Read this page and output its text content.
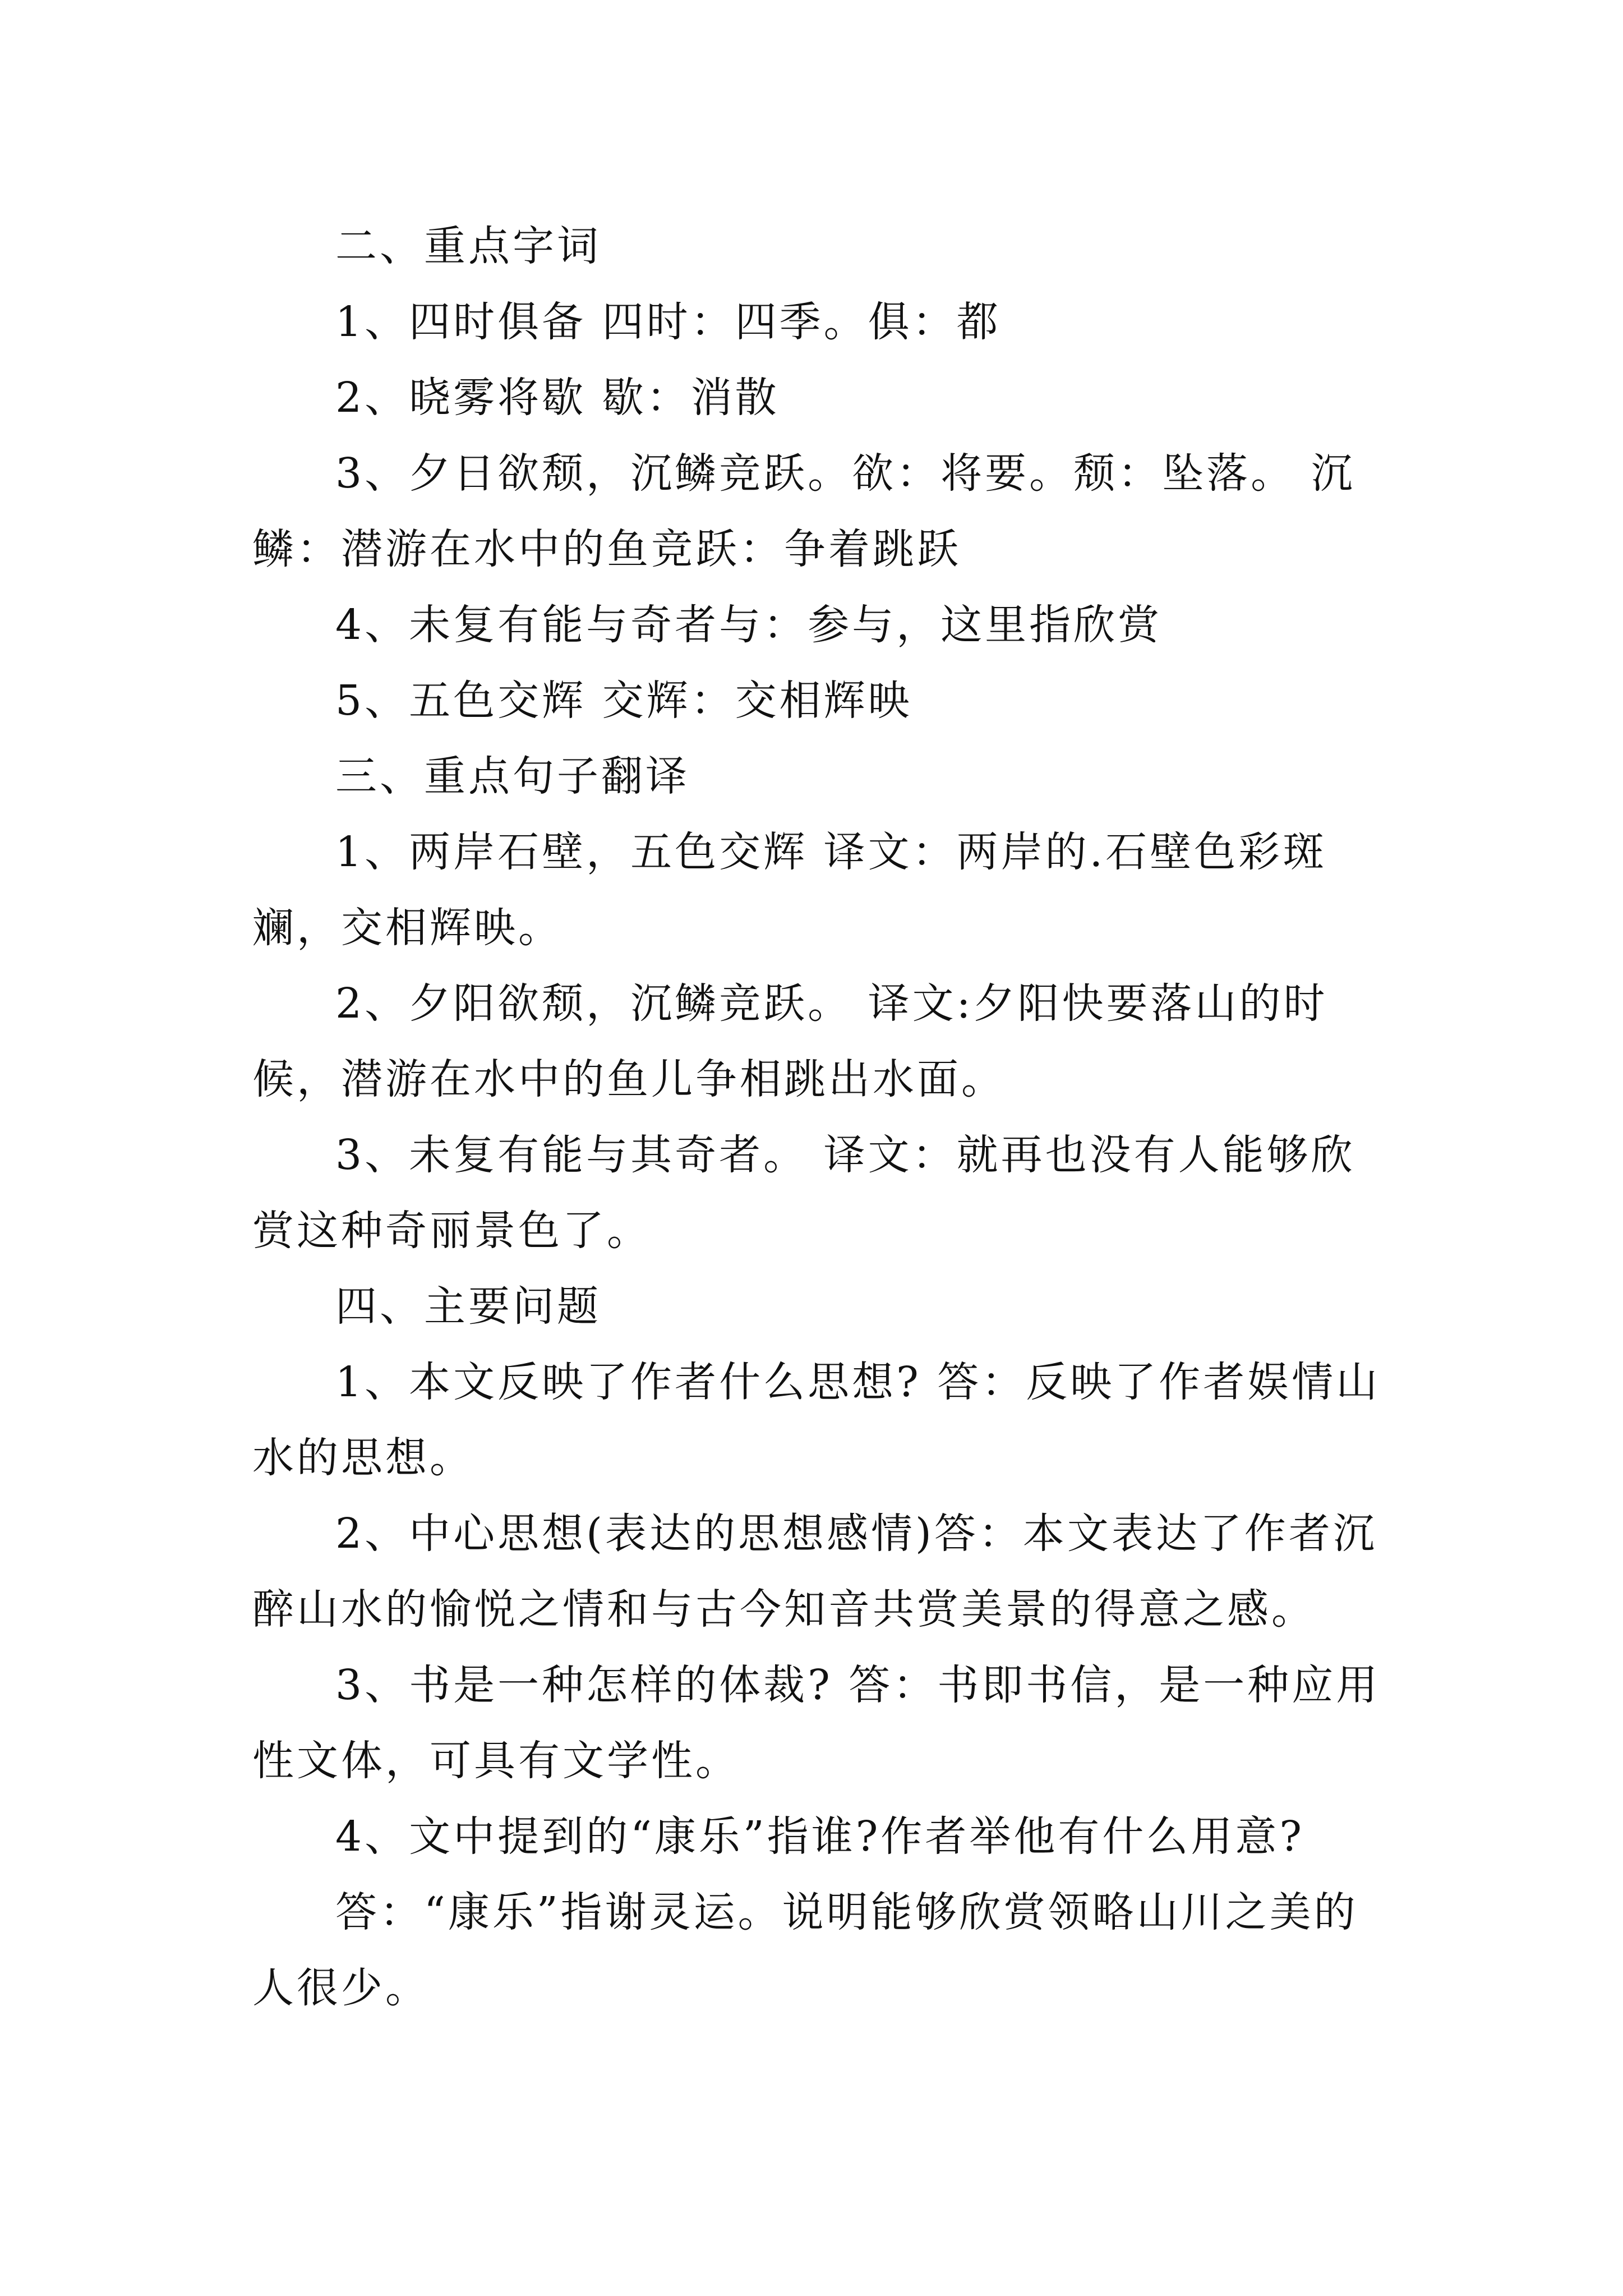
二、重点字词

1、四时俱备 四时：四季。俱：都

2、晓雾将歇 歇：消散

3、夕日欲颓，沉鳞竞跃。欲：将要。颓：坠落。 沉鳞：潜游在水中的鱼竞跃：争着跳跃

4、未复有能与奇者与：参与，这里指欣赏

5、五色交辉 交辉：交相辉映

三、重点句子翻译

1、两岸石壁，五色交辉 译文：两岸的.石壁色彩斑斓，交相辉映。

2、夕阳欲颓，沉鳞竞跃。 译文:夕阳快要落山的时候，潜游在水中的鱼儿争相跳出水面。

3、未复有能与其奇者。 译文：就再也没有人能够欣赏这种奇丽景色了。

四、主要问题

1、本文反映了作者什么思想? 答：反映了作者娱情山水的思想。

2、中心思想(表达的思想感情)答：本文表达了作者沉醉山水的愉悦之情和与古今知音共赏美景的得意之感。

3、书是一种怎样的体裁? 答：书即书信，是一种应用性文体，可具有文学性。

4、文中提到的“康乐”指谁?作者举他有什么用意?

答：“康乐”指谢灵运。说明能够欣赏领略山川之美的人很少。
